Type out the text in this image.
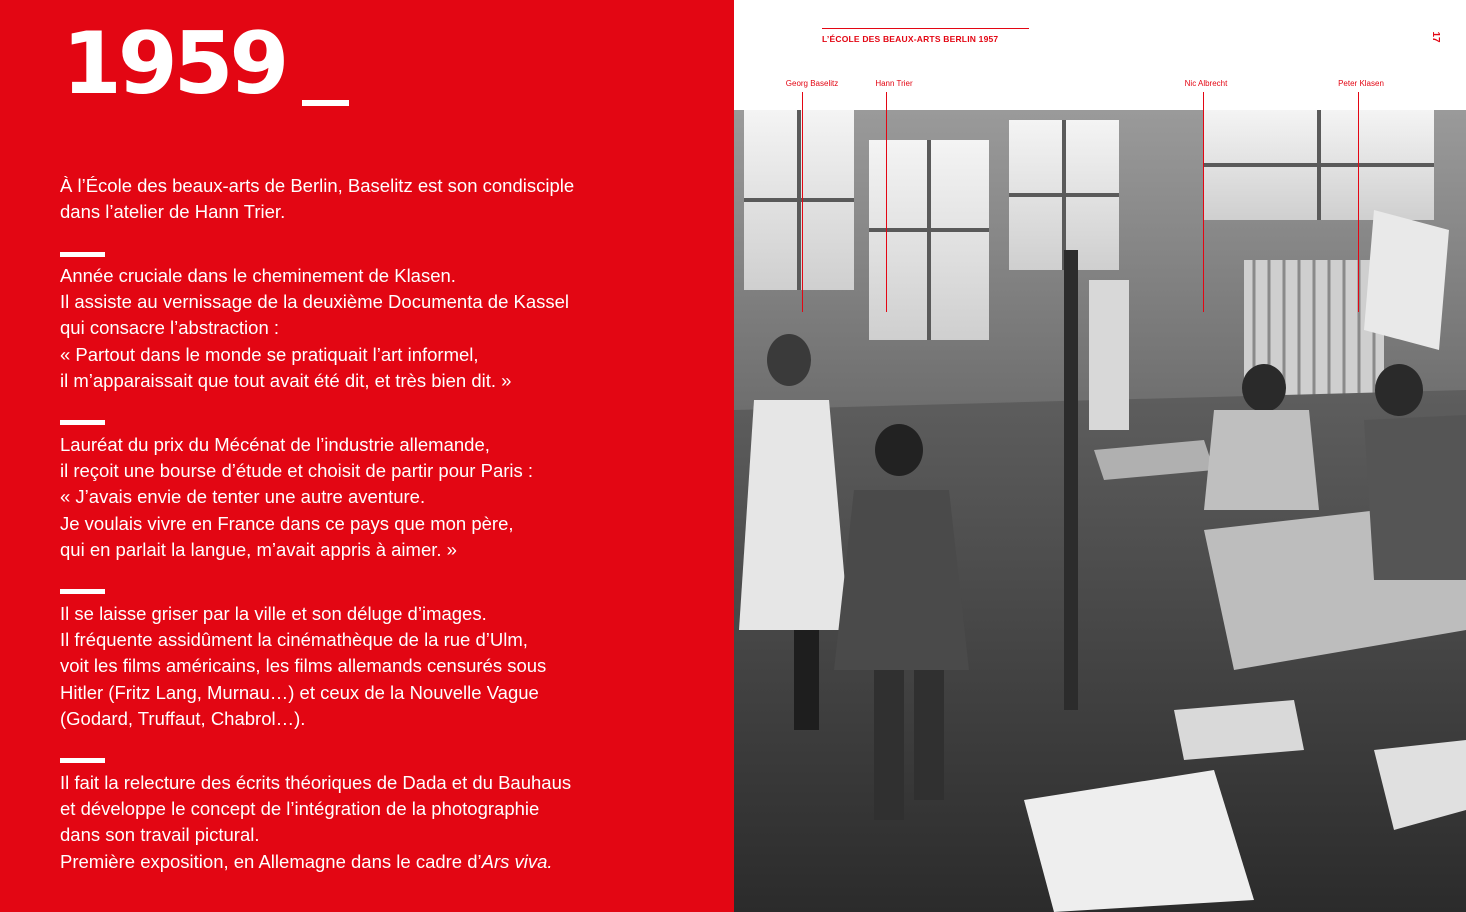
1959
À l’École des beaux-arts de Berlin, Baselitz est son condisciple
dans l’atelier de Hann Trier.
Année cruciale dans le cheminement de Klasen.
Il assiste au vernissage de la deuxième Documenta de Kassel
qui consacre l’abstraction :
« Partout dans le monde se pratiquait l’art informel,
il m’apparaissait que tout avait été dit, et très bien dit. »
Lauréat du prix du Mécénat de l’industrie allemande,
il reçoit une bourse d’étude et choisit de partir pour Paris :
« J’avais envie de tenter une autre aventure.
Je voulais vivre en France dans ce pays que mon père,
qui en parlait la langue, m’avait appris à aimer. »
Il se laisse griser par la ville et son déluge d’images.
Il fréquente assidûment la cinémathèque de la rue d’Ulm,
voit les films américains, les films allemands censurés sous
Hitler (Fritz Lang, Murnau…) et ceux de la Nouvelle Vague
(Godard, Truffaut, Chabrol…).
Il fait la relecture des écrits théoriques de Dada et du Bauhaus
et développe le concept de l’intégration de la photographie
dans son travail pictural.
Première exposition, en Allemagne dans le cadre d’Ars viva.
L’ÉCOLE DES BEAUX-ARTS BERLIN 1957	17
Georg Baselitz	Hann Trier	Nic Albrecht	Peter Klasen
